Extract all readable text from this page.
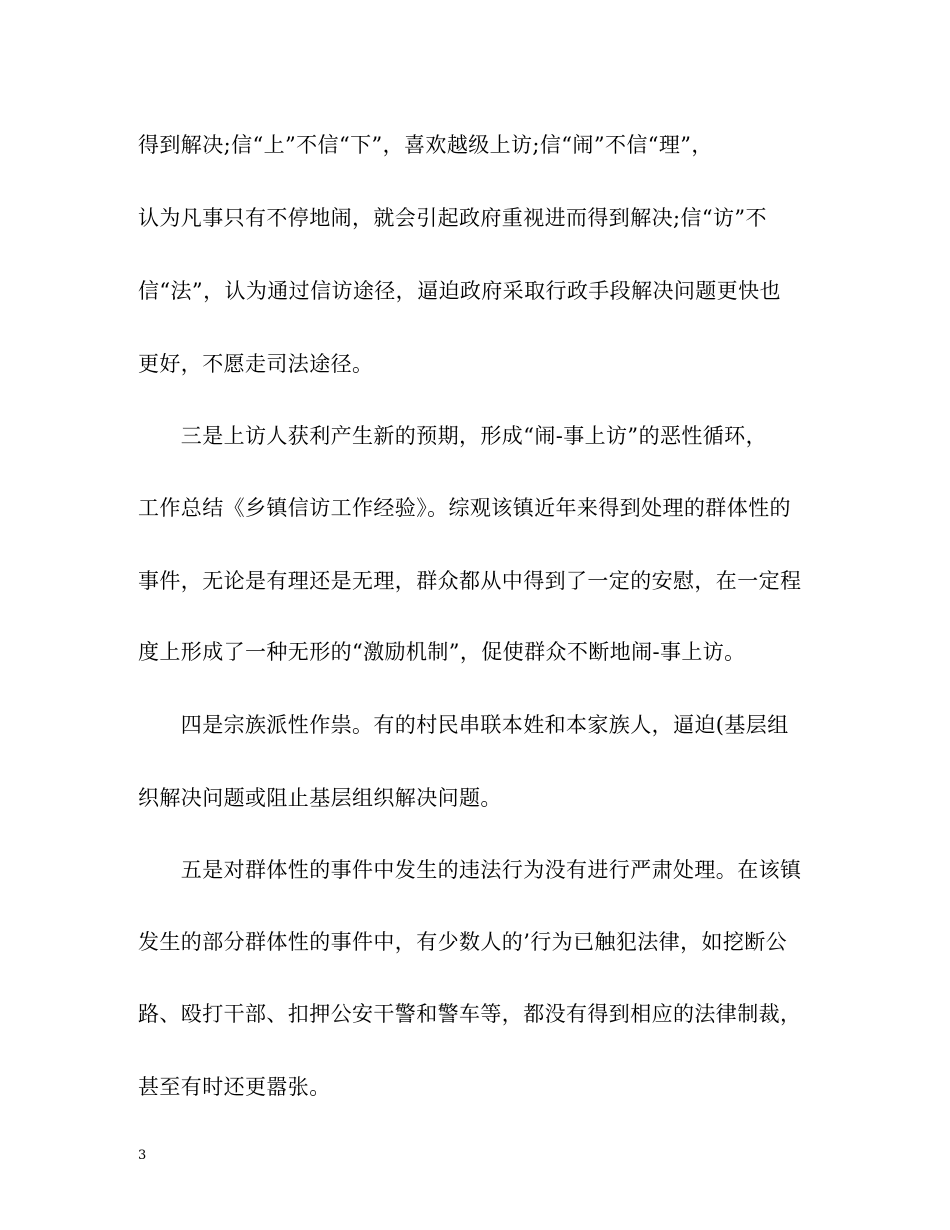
得到解决;信“上”不信“下”，喜欢越级上访;信“闹”不信“理”，
认为凡事只有不停地闹，就会引起政府重视进而得到解决;信“访”不
信“法”，认为通过信访途径，逼迫政府采取行政手段解决问题更快也
更好，不愿走司法途径。
　　三是上访人获利产生新的预期，形成“闹-事上访”的恶性循环，
工作总结《乡镇信访工作经验》。综观该镇近年来得到处理的群体性的
事件，无论是有理还是无理，群众都从中得到了一定的安慰，在一定程
度上形成了一种无形的“激励机制”，促使群众不断地闹-事上访。
　　四是宗族派性作祟。有的村民串联本姓和本家族人，逼迫(基层组
织解决问题或阻止基层组织解决问题。
　　五是对群体性的事件中发生的违法行为没有进行严肃处理。在该镇
发生的部分群体性的事件中，有少数人的’行为已触犯法律，如挖断公
路、殴打干部、扣押公安干警和警车等，都没有得到相应的法律制裁，
甚至有时还更嚣张。
3
